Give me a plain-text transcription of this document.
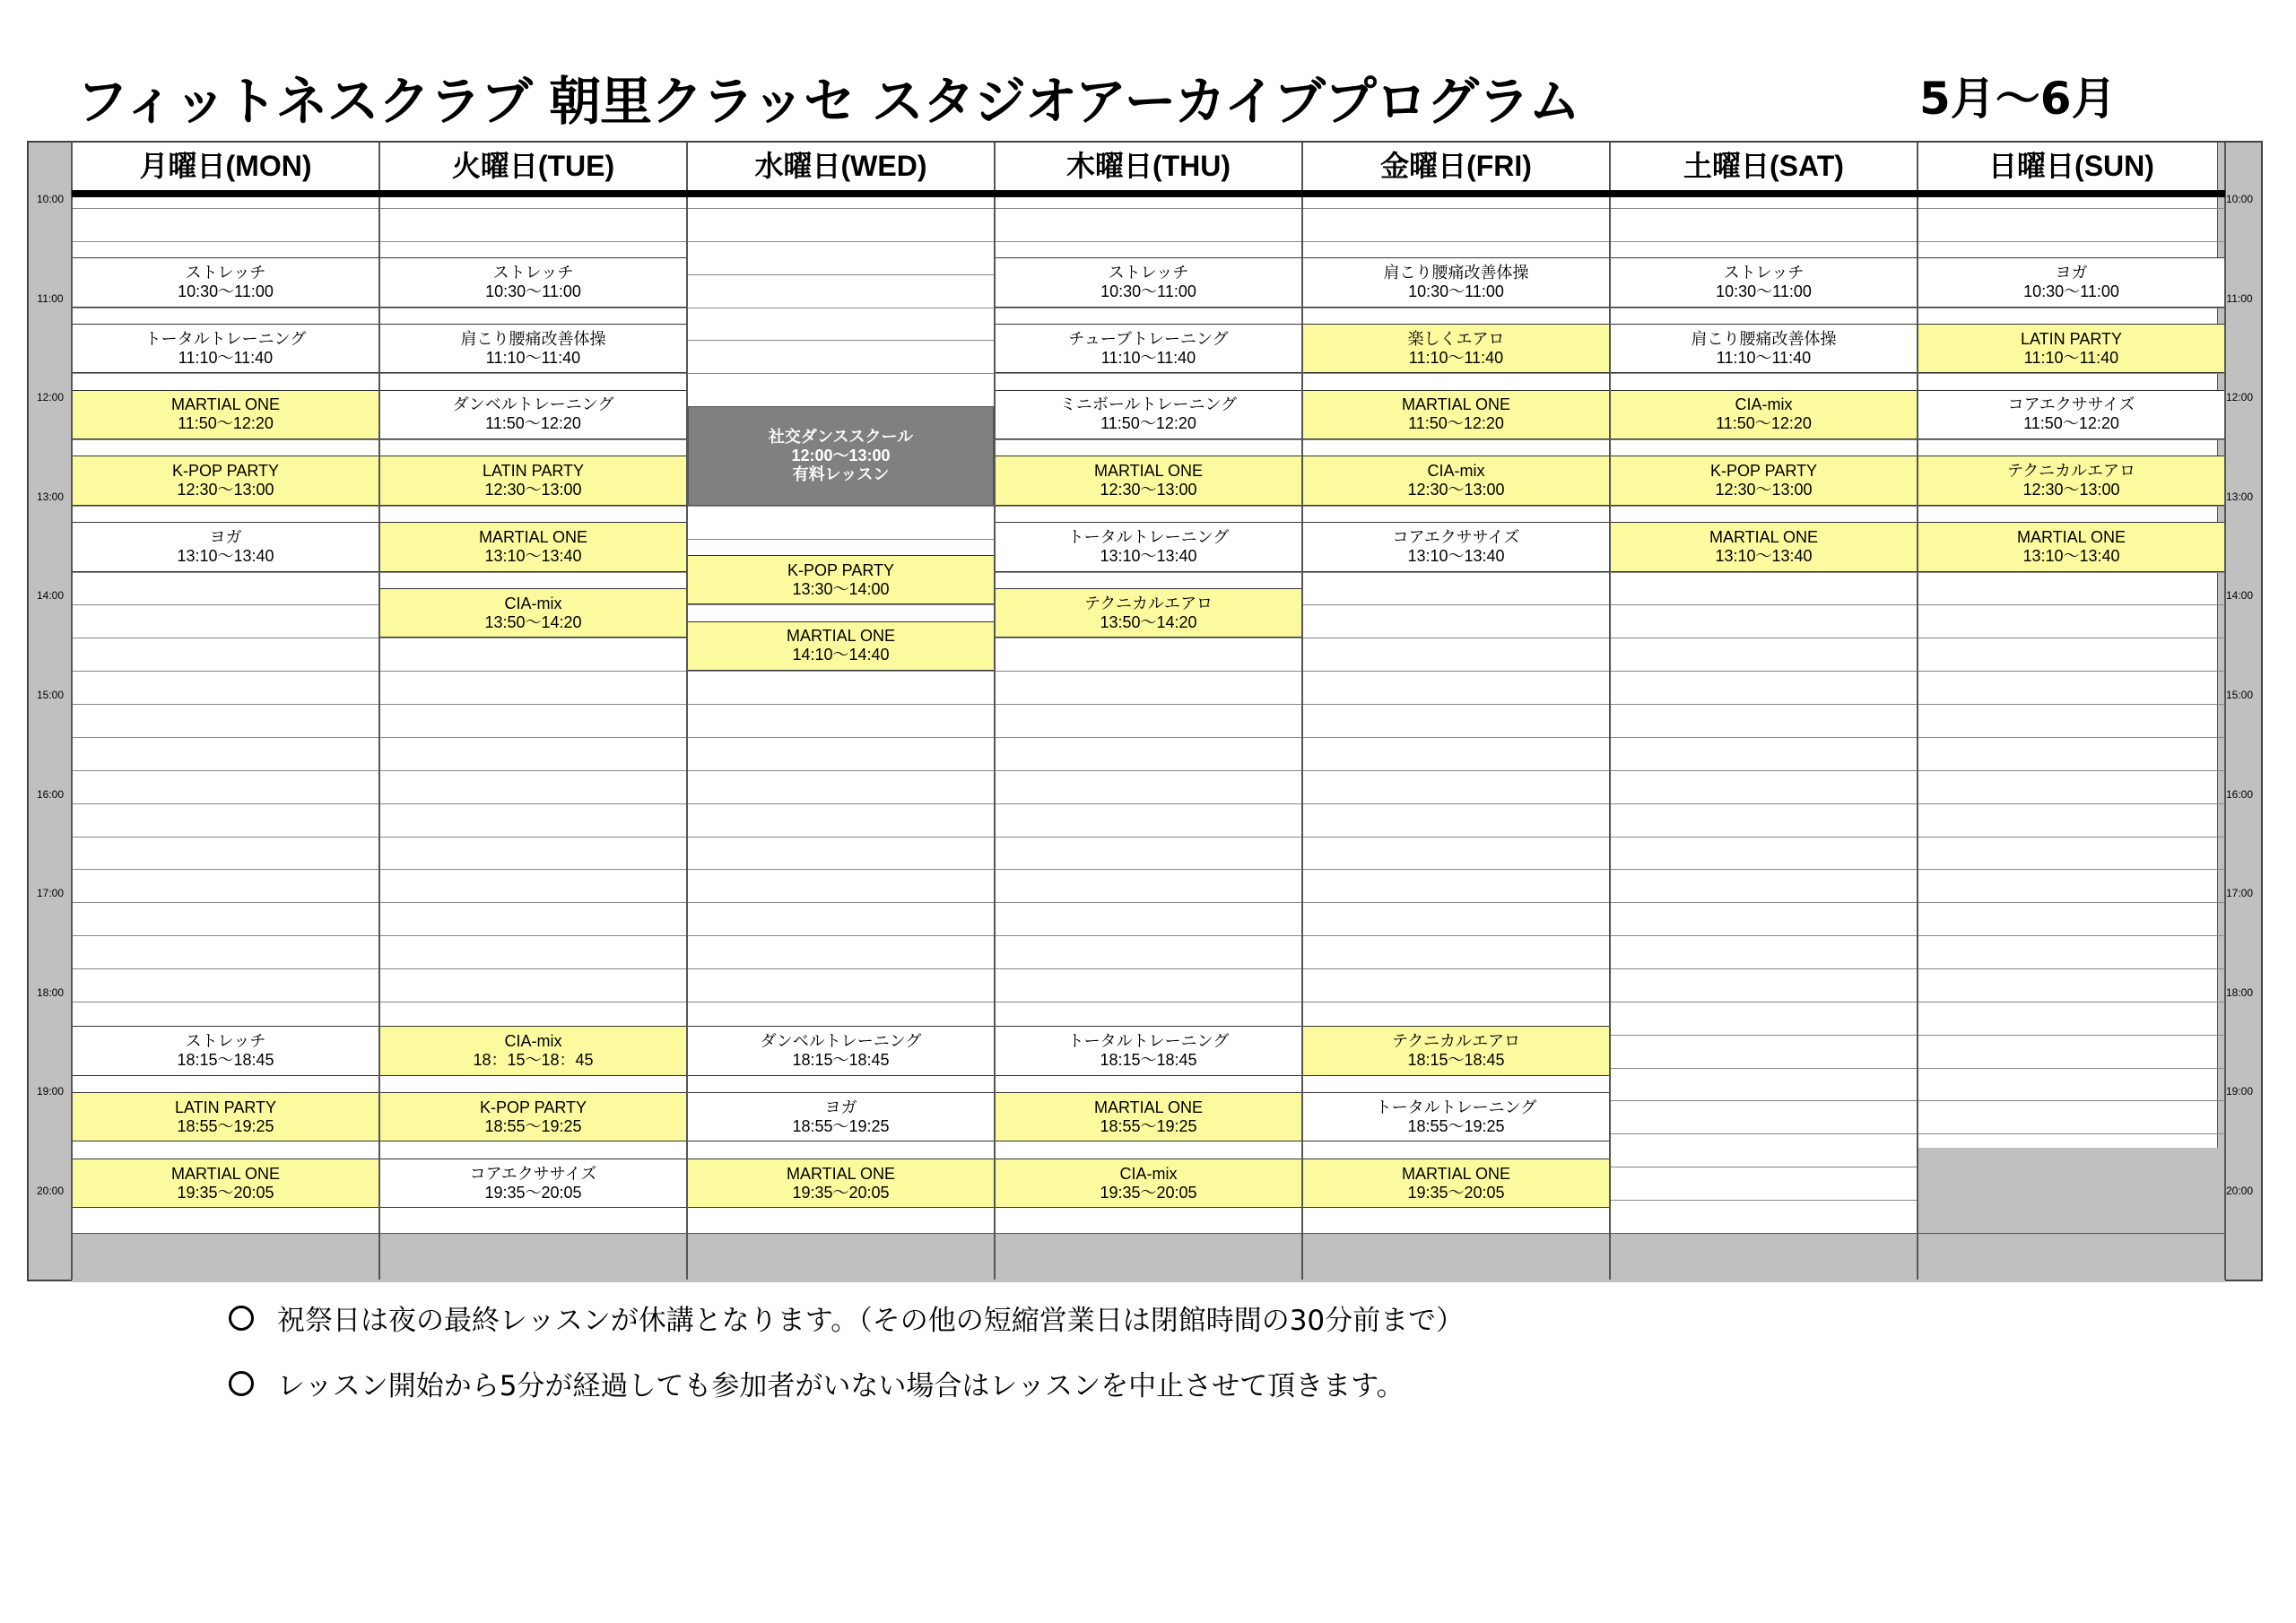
フィットネスクラブ 朝里クラッセ スタジオアーカイブプログラム	5月～6月
月曜日(MON)
ストレッチ
10:30～11:00
トータルトレーニング
11:10～11:40
MARTIAL ONE
11:50～12:20
K-POP PARTY
12:30～13:00
ヨガ
13:10～13:40
ストレッチ
18:15～18:45
LATIN PARTY
18:55～19:25
MARTIAL ONE
19:35～20:05
火曜日(TUE)
ストレッチ
10:30～11:00
肩こり腰痛改善体操
11:10～11:40
ダンベルトレーニング
11:50～12:20
LATIN PARTY
12:30～13:00
MARTIAL ONE
13:10～13:40
CIA-mix
13:50～14:20
CIA-mix
18：15～18：45
K-POP PARTY
18:55～19:25
コアエクササイズ
19:35～20:05
水曜日(WED)
社交ダンススクール
12:00～13:00
有料レッスン
K-POP PARTY
13:30～14:00
MARTIAL ONE
14:10～14:40
ダンベルトレーニング
18:15～18:45
ヨガ
18:55～19:25
MARTIAL ONE
19:35～20:05
木曜日(THU)
ストレッチ
10:30～11:00
チューブトレーニング
11:10～11:40
ミニボールトレーニング
11:50～12:20
MARTIAL ONE
12:30～13:00
トータルトレーニング
13:10～13:40
テクニカルエアロ
13:50～14:20
トータルトレーニング
18:15～18:45
MARTIAL ONE
18:55～19:25
CIA-mix
19:35～20:05
金曜日(FRI)
肩こり腰痛改善体操
10:30～11:00
楽しくエアロ
11:10～11:40
MARTIAL ONE
11:50～12:20
CIA-mix
12:30～13:00
コアエクササイズ
13:10～13:40
テクニカルエアロ
18:15～18:45
トータルトレーニング
18:55～19:25
MARTIAL ONE
19:35～20:05
土曜日(SAT)
ストレッチ
10:30～11:00
肩こり腰痛改善体操
11:10～11:40
CIA-mix
11:50～12:20
K-POP PARTY
12:30～13:00
MARTIAL ONE
13:10～13:40
日曜日(SUN)
ヨガ
10:30～11:00
LATIN PARTY
11:10～11:40
コアエクササイズ
11:50～12:20
テクニカルエアロ
12:30～13:00
MARTIAL ONE
13:10～13:40
10:00	10:00
11:00	11:00
12:00	12:00
13:00	13:00
14:00	14:00
15:00	15:00
16:00	16:00
17:00	17:00
18:00	18:00
19:00	19:00
20:00	20:00
祝祭日は夜の最終レッスンが休講となります。（その他の短縮営業日は閉館時間の30分前まで）
レッスン開始から5分が経過しても参加者がいない場合はレッスンを中止させて頂きます。
